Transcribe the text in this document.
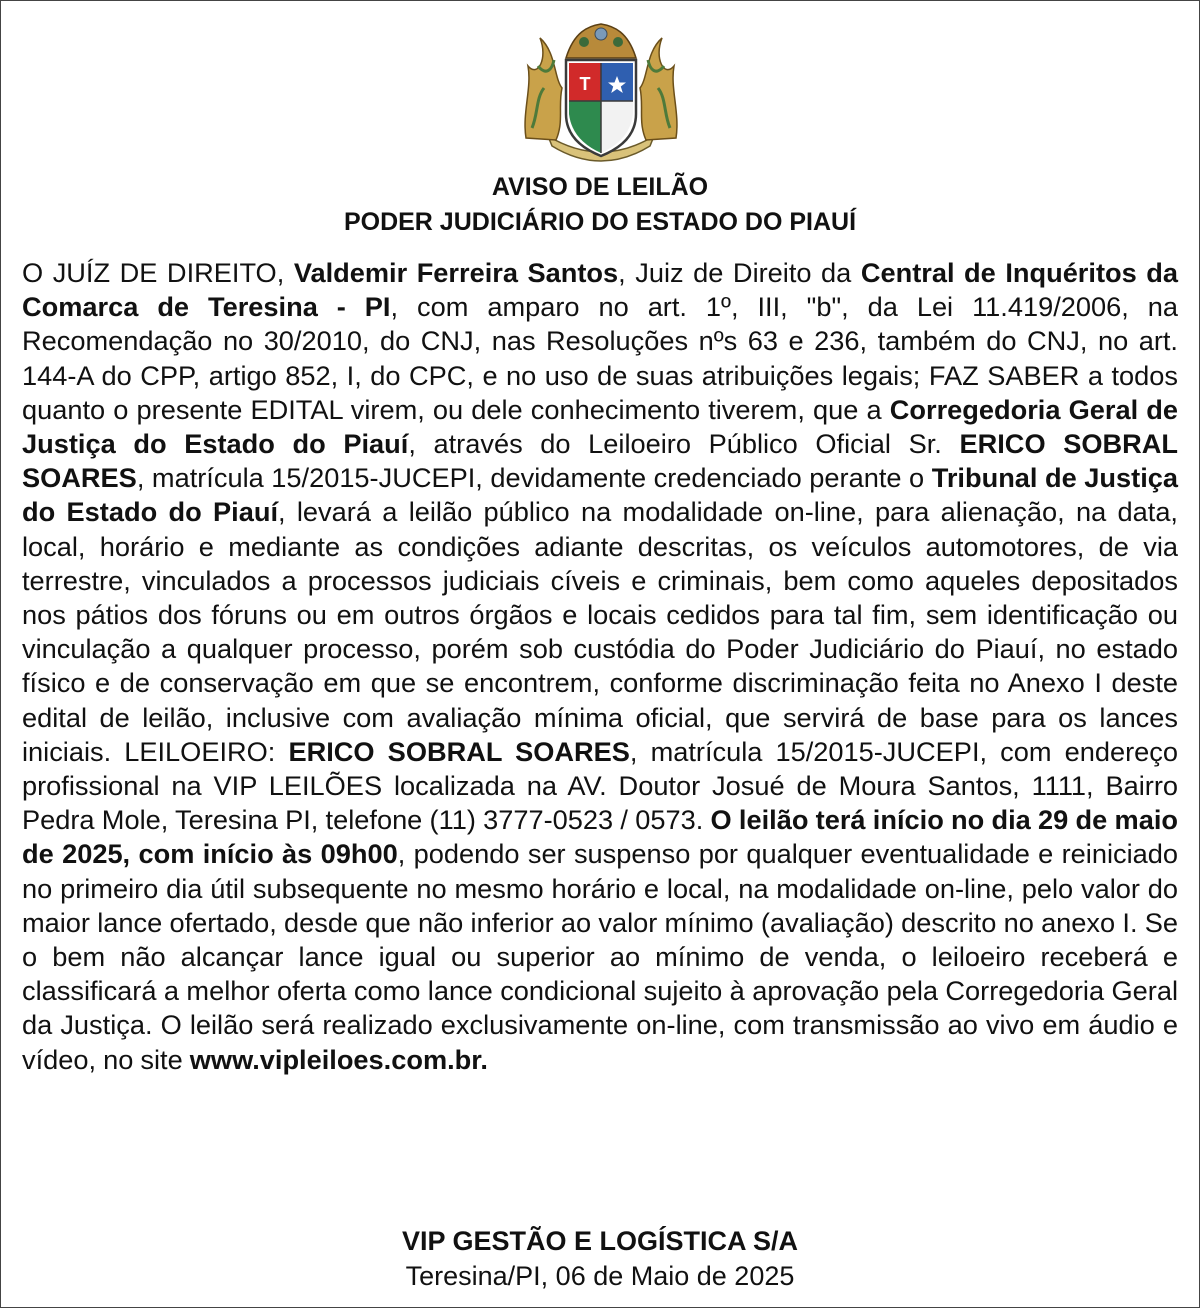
T
AVISO DE LEILÃO
PODER JUDICIÁRIO DO ESTADO DO PIAUÍ
O JUÍZ DE DIREITO, Valdemir Ferreira Santos, Juiz de Direito da Central de Inquéritos da Comarca de Teresina - PI, com amparo no art. 1º, III, "b", da Lei 11.419/2006, na Recomendação no 30/2010, do CNJ, nas Resoluções nºs 63 e 236, também do CNJ, no art. 144-A do CPP, artigo 852, I, do CPC, e no uso de suas atribuições legais; FAZ SABER a todos quanto o presente EDITAL virem, ou dele conhecimento tiverem, que a Corregedoria Geral de Justiça do Estado do Piauí, através do Leiloeiro Público Oficial Sr. ERICO SOBRAL SOARES, matrícula 15/2015-JUCEPI, devidamente credenciado perante o Tribunal de Justiça do Estado do Piauí, levará a leilão público na modalidade on-line, para alienação, na data, local, horário e mediante as condições adiante descritas, os veículos automotores, de via terrestre, vinculados a processos judiciais cíveis e criminais, bem como aqueles depositados nos pátios dos fóruns ou em outros órgãos e locais cedidos para tal fim, sem identificação ou vinculação a qualquer processo, porém sob custódia do Poder Judiciário do Piauí, no estado físico e de conservação em que se encontrem, conforme discriminação feita no Anexo I deste edital de leilão, inclusive com avaliação mínima oficial, que servirá de base para os lances iniciais. LEILOEIRO: ERICO SOBRAL SOARES, matrícula 15/2015-JUCEPI, com endereço profissional na VIP LEILÕES localizada na AV. Doutor Josué de Moura Santos, 1111, Bairro Pedra Mole, Teresina PI, telefone (11) 3777-0523 / 0573. O leilão terá início no dia 29 de maio de 2025, com início às 09h00, podendo ser suspenso por qualquer eventualidade e reiniciado no primeiro dia útil subsequente no mesmo horário e local, na modalidade on-line, pelo valor do maior lance ofertado, desde que não inferior ao valor mínimo (avaliação) descrito no anexo I. Se o bem não alcançar lance igual ou superior ao mínimo de venda, o leiloeiro receberá e classificará a melhor oferta como lance condicional sujeito à aprovação pela Corregedoria Geral da Justiça. O leilão será realizado exclusivamente on-line, com transmissão ao vivo em áudio e vídeo, no site www.vipleiloes.com.br.
VIP GESTÃO E LOGÍSTICA S/A
Teresina/PI, 06 de Maio de 2025
